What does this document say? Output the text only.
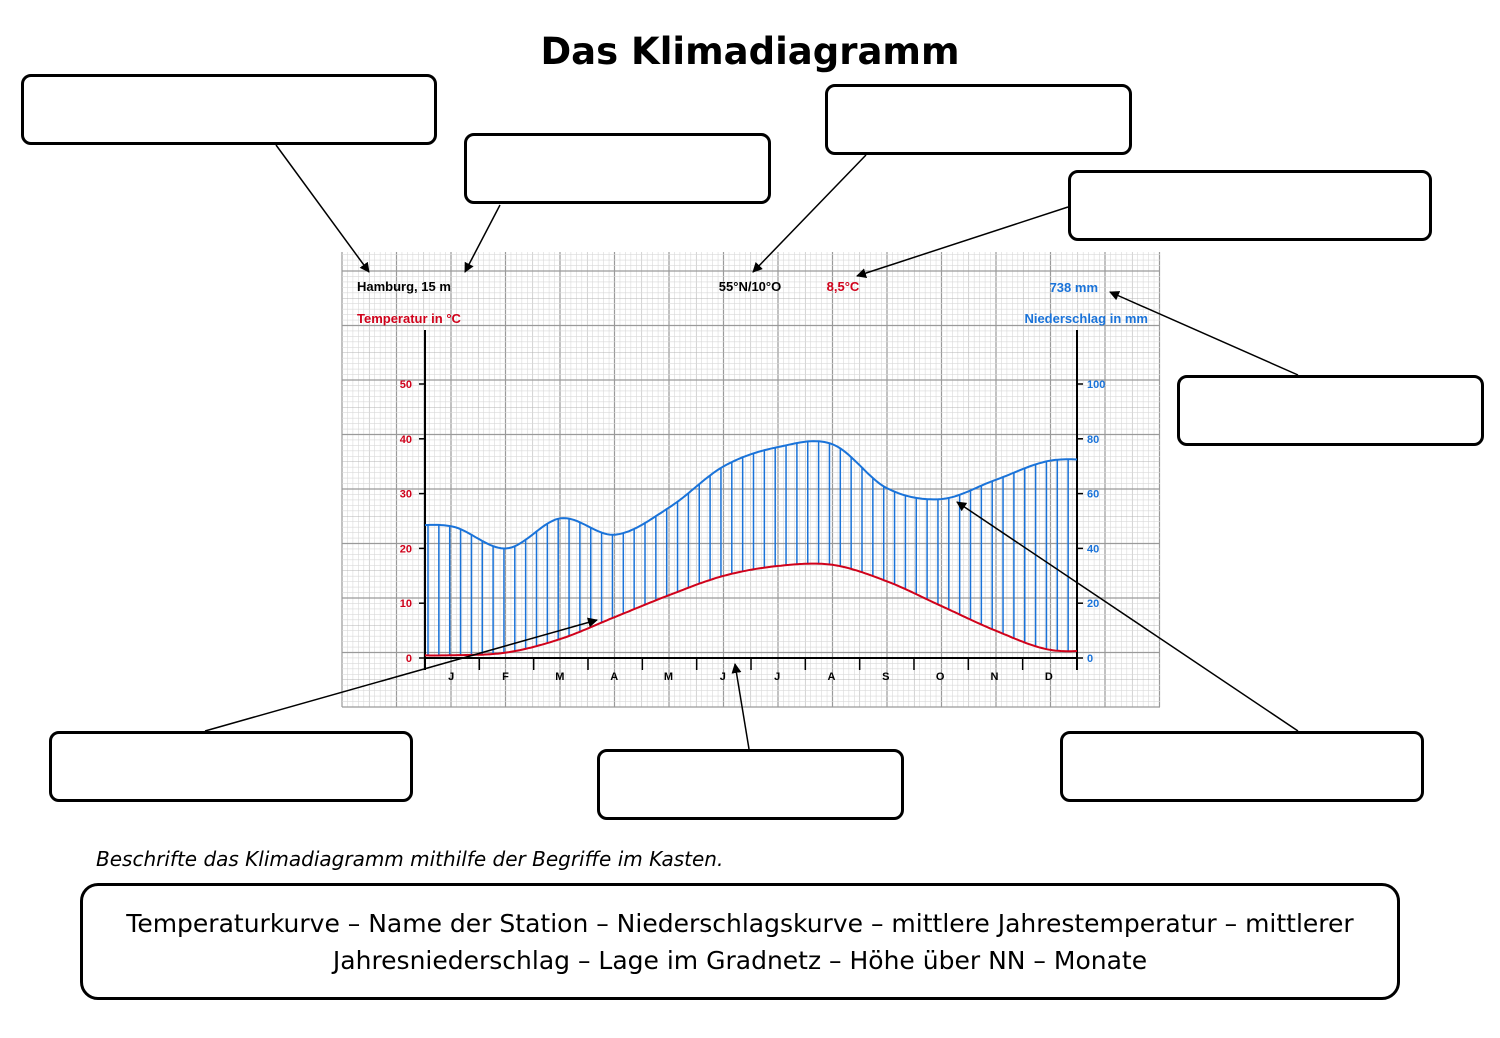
Das Klimadiagramm
0
10
20
30
40
50
0
20
40
60
80
100
J	F	M	A	M	J	J	A	S	O	N	D
Hamburg, 15 m	55°N/10°O	8,5°C	738 mm
Temperatur in °C	Niederschlag in mm
Beschrifte das Klimadiagramm mithilfe der Begriffe im Kasten.
Temperaturkurve – Name der Station – Niederschlagskurve – mittlere Jahrestemperatur – mittlerer Jahresniederschlag – Lage im Gradnetz – Höhe über NN – Monate
